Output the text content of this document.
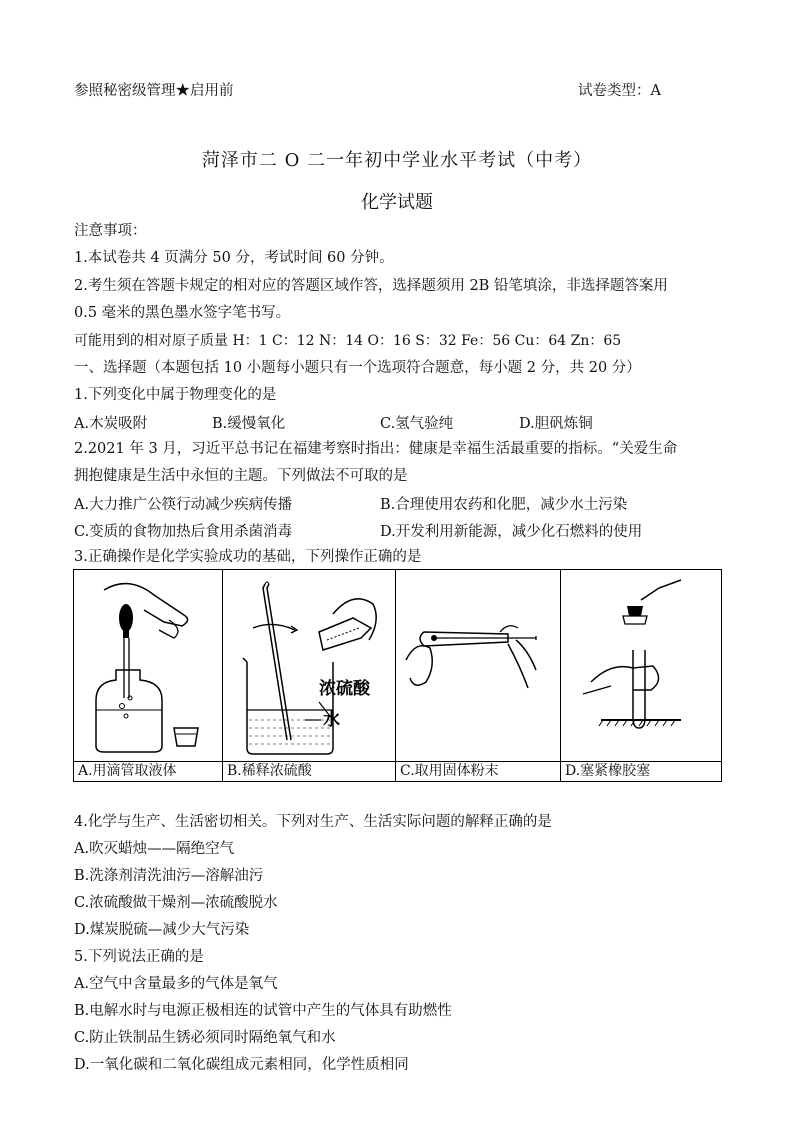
参照秘密级管理★启用前	试卷类型：A
菏泽市二 O 二一年初中学业水平考试（中考）
化学试题
注意事项：
1.本试卷共 4 页满分 50 分，考试时间 60 分钟。
2.考生须在答题卡规定的相对应的答题区域作答，选择题须用 2B 铅笔填涂，非选择题答案用
0.5 毫米的黑色墨水签字笔书写。
可能用到的相对原子质量 H：1 C：12 N：14 O：16 S：32 Fe：56 Cu：64 Zn：65
一、选择题（本题包括 10 小题每小题只有一个选项符合题意，每小题 2 分，共 20 分）
1.下列变化中属于物理变化的是
A.木炭吸附	B.缓慢氧化	C.氢气验纯	D.胆矾炼铜
2.2021 年 3 月，习近平总书记在福建考察时指出：健康是幸福生活最重要的指标。“关爱生命
拥抱健康是生活中永恒的主题。下列做法不可取的是
A.大力推广公筷行动减少疾病传播	B.合理使用农药和化肥，减少水土污染
C.变质的食物加热后食用杀菌消毒	D.开发利用新能源，减少化石燃料的使用
3.正确操作是化学实验成功的基础，下列操作正确的是

浓硫酸
水

A.用滴管取液体	B.稀释浓硫酸	C.取用固体粉末	D.塞紧橡胶塞
4.化学与生产、生活密切相关。下列对生产、生活实际问题的解释正确的是
A.吹灭蜡烛——隔绝空气
B.洗涤剂清洗油污—溶解油污
C.浓硫酸做干燥剂—浓硫酸脱水
D.煤炭脱硫—减少大气污染
5.下列说法正确的是
A.空气中含量最多的气体是氧气
B.电解水时与电源正极相连的试管中产生的气体具有助燃性
C.防止铁制品生锈必须同时隔绝氧气和水
D.一氧化碳和二氧化碳组成元素相同，化学性质相同
